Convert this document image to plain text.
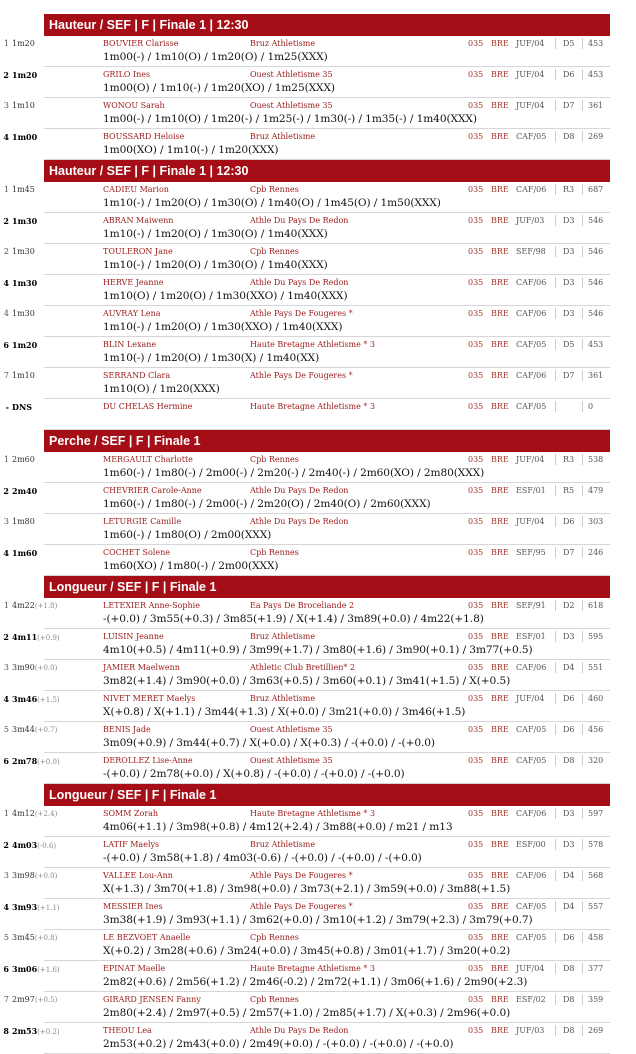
Hauteur / SEF | F | Finale 1 | 12:30
1 1m20	BOUVIER Clarisse	Bruz Athletisme	035 BRE JUF/04 D5 453
1m00(-) / 1m10(O) / 1m20(O) / 1m25(XXX)
2 1m20	GRILO Ines	Ouest Athletisme 35	035 BRE JUF/04 D6 453
1m00(O) / 1m10(-) / 1m20(XO) / 1m25(XXX)
3 1m10	WONOU Sarah	Ouest Athletisme 35	035 BRE JUF/04 D7 361
1m00(-) / 1m10(O) / 1m20(-) / 1m25(-) / 1m30(-) / 1m35(-) / 1m40(XXX)
4 1m00	BOUSSARD Heloise	Bruz Athletisme	035 BRE CAF/05 D8 269
1m00(XO) / 1m10(-) / 1m20(XXX)
Hauteur / SEF | F | Finale 1 | 12:30
1 1m45	CADIEU Marion	Cpb Rennes	035 BRE CAF/06 R3 687
1m10(-) / 1m20(O) / 1m30(O) / 1m40(O) / 1m45(O) / 1m50(XXX)
2 1m30	ABRAN Maiwenn	Athle Du Pays De Redon	035 BRE JUF/03 D3 546
1m10(-) / 1m20(O) / 1m30(O) / 1m40(XXX)
2 1m30	TOULERON Jane	Cpb Rennes	035 BRE SEF/98 D3 546
1m10(-) / 1m20(O) / 1m30(O) / 1m40(XXX)
4 1m30	HERVE Jeanne	Athle Du Pays De Redon	035 BRE CAF/06 D3 546
1m10(O) / 1m20(O) / 1m30(XXO) / 1m40(XXX)
4 1m30	AUVRAY Lena	Athle Pays De Fougeres *	035 BRE CAF/06 D3 546
1m10(-) / 1m20(O) / 1m30(XXO) / 1m40(XXX)
6 1m20	BLIN Lexane	Haute Bretagne Athletisme * 3	035 BRE CAF/05 D5 453
1m10(-) / 1m20(O) / 1m30(X) / 1m40(XX)
7 1m10	SERRAND Clara	Athle Pays De Fougeres *	035 BRE CAF/06 D7 361
1m10(O) / 1m20(XXX)
- DNS	DU CHELAS Hermine	Haute Bretagne Athletisme * 3	035 BRE CAF/05	0
Perche / SEF | F | Finale 1
1 2m60	MERGAULT Charlotte	Cpb Rennes	035 BRE JUF/04 R3 538
1m60(-) / 1m80(-) / 2m00(-) / 2m20(-) / 2m40(-) / 2m60(XO) / 2m80(XXX)
2 2m40	CHEVRIER Carole-Anne	Athle Du Pays De Redon	035 BRE ESF/01 R5 479
1m60(-) / 1m80(-) / 2m00(-) / 2m20(O) / 2m40(O) / 2m60(XXX)
3 1m80	LETURGIE Camille	Athle Du Pays De Redon	035 BRE JUF/04 D6 303
1m60(-) / 1m80(O) / 2m00(XXX)
4 1m60	COCHET Solene	Cpb Rennes	035 BRE SEF/95 D7 246
1m60(XO) / 1m80(-) / 2m00(XXX)
Longueur / SEF | F | Finale 1
1 4m22(+1.8)	LETEXIER Anne-Sophie	Ea Pays De Broceliande 2	035 BRE SEF/91 D2 618
-(+0.0) / 3m55(+0.3) / 3m85(+1.9) / X(+1.4) / 3m89(+0.0) / 4m22(+1.8)
2 4m11(+0.9)	LUISIN Jeanne	Bruz Athletisme	035 BRE ESF/01 D3 595
4m10(+0.5) / 4m11(+0.9) / 3m99(+1.7) / 3m80(+1.6) / 3m90(+0.1) / 3m77(+0.5)
3 3m90(+0.0)	JAMIER Maelwenn	Athletic Club Bretillien* 2	035 BRE CAF/06 D4 551
3m82(+1.4) / 3m90(+0.0) / 3m63(+0.5) / 3m60(+0.1) / 3m41(+1.5) / X(+0.5)
4 3m46(+1.5)	NIVET MERET Maelys	Bruz Athletisme	035 BRE JUF/04 D6 460
X(+0.8) / X(+1.1) / 3m44(+1.3) / X(+0.0) / 3m21(+0.0) / 3m46(+1.5)
5 3m44(+0.7)	BENIS Jade	Ouest Athletisme 35	035 BRE CAF/05 D6 456
3m09(+0.9) / 3m44(+0.7) / X(+0.0) / X(+0.3) / -(+0.0) / -(+0.0)
6 2m78(+0.0)	DEROLLEZ Lise-Anne	Ouest Athletisme 35	035 BRE CAF/05 D8 320
-(+0.0) / 2m78(+0.0) / X(+0.8) / -(+0.0) / -(+0.0) / -(+0.0)
Longueur / SEF | F | Finale 1
1 4m12(+2.4)	SOMM Zorah	Haute Bretagne Athletisme * 3	035 BRE CAF/06 D3 597
4m06(+1.1) / 3m98(+0.8) / 4m12(+2.4) / 3m88(+0.0) / m21 / m13
2 4m03(-0.6)	LATIF Maelys	Bruz Athletisme	035 BRE ESF/00 D3 578
-(+0.0) / 3m58(+1.8) / 4m03(-0.6) / -(+0.0) / -(+0.0) / -(+0.0)
3 3m98(+0.0)	VALLEE Lou-Ann	Athle Pays De Fougeres *	035 BRE CAF/06 D4 568
X(+1.3) / 3m70(+1.8) / 3m98(+0.0) / 3m73(+2.1) / 3m59(+0.0) / 3m88(+1.5)
4 3m93(+1.1)	MESSIER Ines	Athle Pays De Fougeres *	035 BRE CAF/05 D4 557
3m38(+1.9) / 3m93(+1.1) / 3m62(+0.0) / 3m10(+1.2) / 3m79(+2.3) / 3m79(+0.7)
5 3m45(+0.8)	LE BEZVOET Anaelle	Cpb Rennes	035 BRE CAF/05 D6 458
X(+0.2) / 3m28(+0.6) / 3m24(+0.0) / 3m45(+0.8) / 3m01(+1.7) / 3m20(+0.2)
6 3m06(+1.6)	EPINAT Maelle	Haute Bretagne Athletisme * 3	035 BRE JUF/04 D8 377
2m82(+0.6) / 2m56(+1.2) / 2m46(-0.2) / 2m72(+1.1) / 3m06(+1.6) / 2m90(+2.3)
7 2m97(+0.5)	GIRARD JENSEN Fanny	Cpb Rennes	035 BRE ESF/02 D8 359
2m80(+2.4) / 2m97(+0.5) / 2m57(+1.0) / 2m85(+1.7) / X(+0.3) / 2m96(+0.0)
8 2m53(+0.2)	THEOU Lea	Athle Du Pays De Redon	035 BRE JUF/03 D8 269
2m53(+0.2) / 2m43(+0.0) / 2m49(+0.0) / -(+0.0) / -(+0.0) / -(+0.0)
